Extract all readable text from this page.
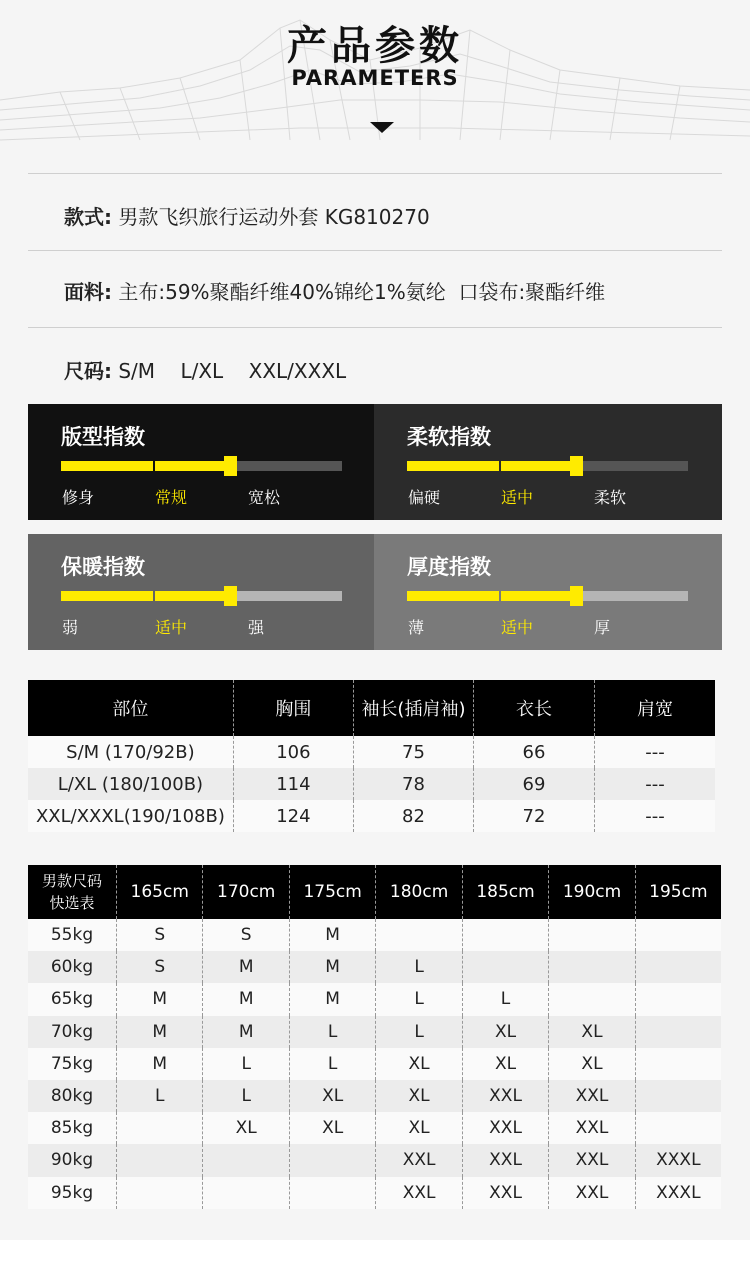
产品参数
PARAMETERS
款式: 男款飞织旅行运动外套 KG810270
面料: 主布:59%聚酯纤维40%锦纶1%氨纶  口袋布:聚酯纤维
尺码: S/M    L/XL    XXL/XXXL
版型指数
修身	常规	宽松
柔软指数
偏硬	适中	柔软
保暖指数
弱	适中	强
厚度指数
薄	适中	厚
部位	胸围	袖长(插肩袖)	衣长	肩宽
S/M (170/92B)	106	75	66	---
L/XL (180/100B)	114	78	69	---
XXL/XXXL(190/108B)	124	82	72	---
男款尺码
快选表	165cm	170cm	175cm	180cm	185cm	190cm	195cm
55kg	S	S	M				
60kg	S	M	M	L			
65kg	M	M	M	L	L		
70kg	M	M	L	L	XL	XL	
75kg	M	L	L	XL	XL	XL	
80kg	L	L	XL	XL	XXL	XXL	
85kg		XL	XL	XL	XXL	XXL	
90kg				XXL	XXL	XXL	XXXL
95kg				XXL	XXL	XXL	XXXL
